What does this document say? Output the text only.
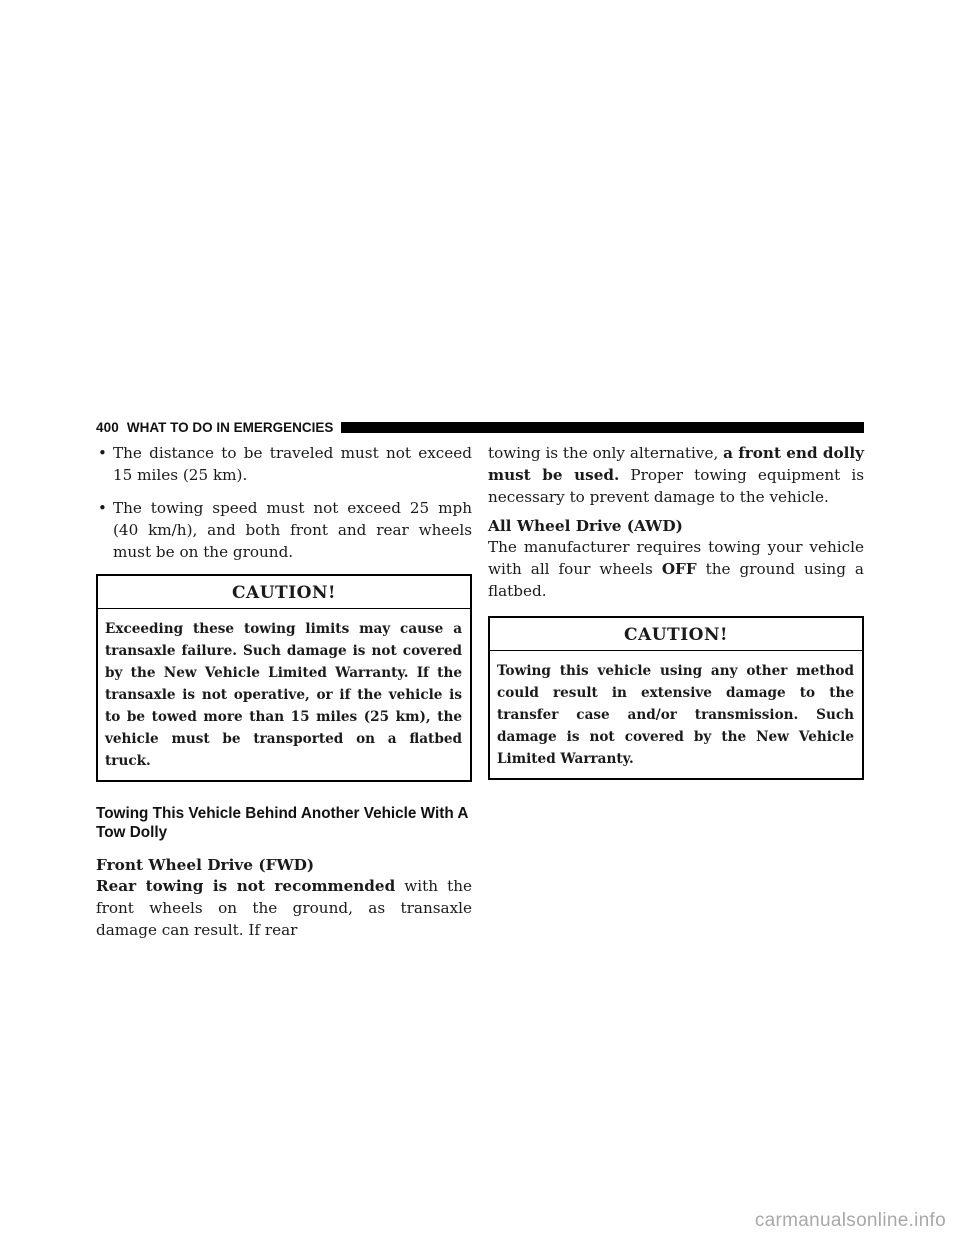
400 WHAT TO DO IN EMERGENCIES
• The distance to be traveled must not exceed 15 miles (25 km).
• The towing speed must not exceed 25 mph (40 km/h), and both front and rear wheels must be on the ground.
CAUTION!
Exceeding these towing limits may cause a transaxle failure. Such damage is not covered by the New Vehicle Limited Warranty. If the transaxle is not operative, or if the vehicle is to be towed more than 15 miles (25 km), the vehicle must be transported on a flatbed truck.
Towing This Vehicle Behind Another Vehicle With A Tow Dolly
Front Wheel Drive (FWD)

Rear towing is not recommended with the front wheels on the ground, as transaxle damage can result. If rear

towing is the only alternative, a front end dolly must be used. Proper towing equipment is necessary to prevent damage to the vehicle.

All Wheel Drive (AWD)

The manufacturer requires towing your vehicle with all four wheels OFF the ground using a flatbed.

CAUTION!
Towing this vehicle using any other method could result in extensive damage to the transfer case and/or transmission. Such damage is not covered by the New Vehicle Limited Warranty.
carmanualsonline.info
